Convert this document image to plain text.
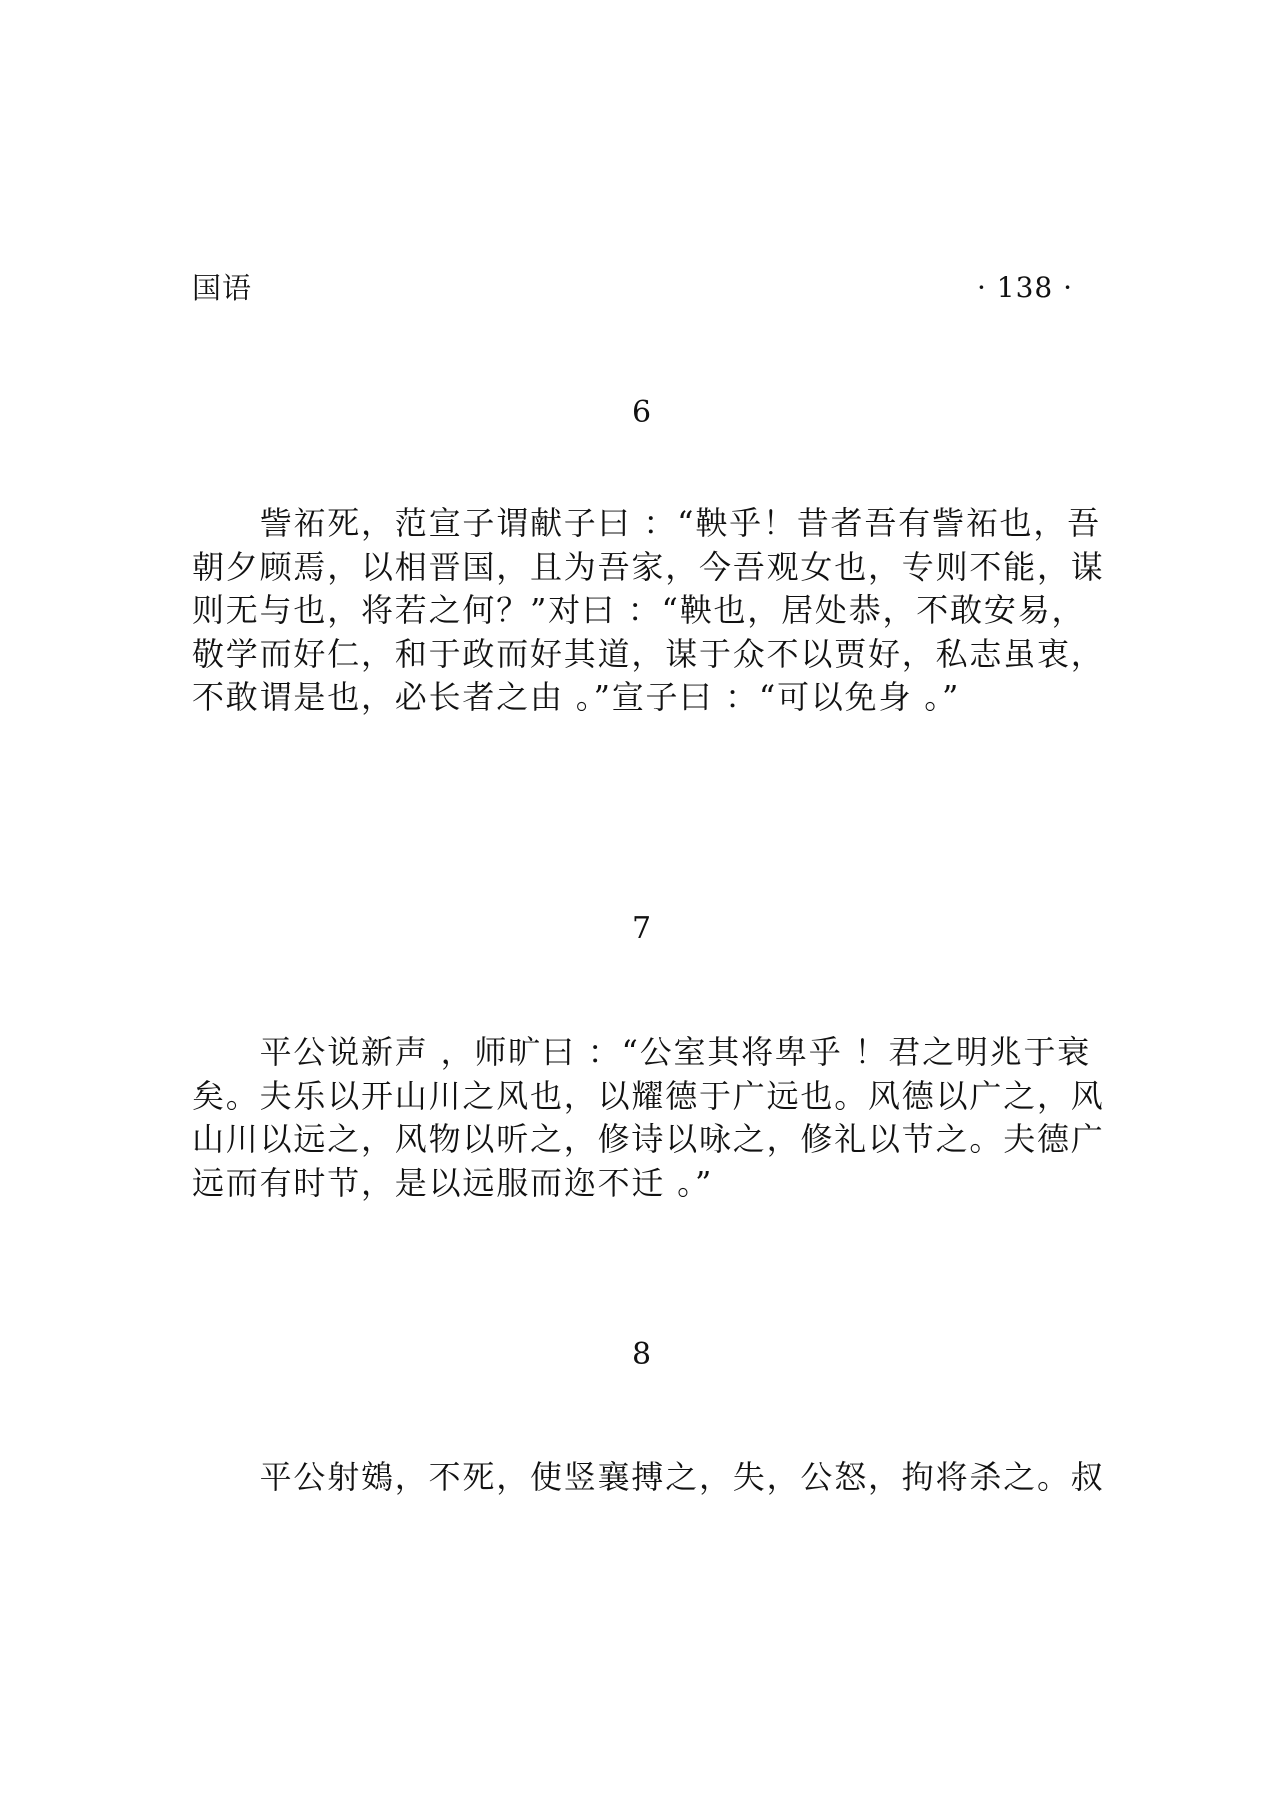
国语	· 138 ·
6
　　訾祏死，范宣子谓献子曰 ：“鞅乎！昔者吾有訾祏也，吾
朝夕顾焉，以相晋国，且为吾家，今吾观女也，专则不能，谋
则无与也，将若之何？”对曰 ：“鞅也，居处恭，不敢安易，
敬学而好仁，和于政而好其道，谋于众不以贾好，私志虽衷，
不敢谓是也，必长者之由 。”宣子曰 ：“可以免身 。”
7
　　平公说新声 ，师旷曰 ：“公室其将卑乎 ！君之明兆于衰
矣。夫乐以开山川之风也，以耀德于广远也。风德以广之，风
山川以远之，风物以听之，修诗以咏之，修礼以节之。夫德广
远而有时节，是以远服而迩不迁 。”
8
　　平公射鴳，不死，使竖襄搏之，失，公怒，拘将杀之。叔
